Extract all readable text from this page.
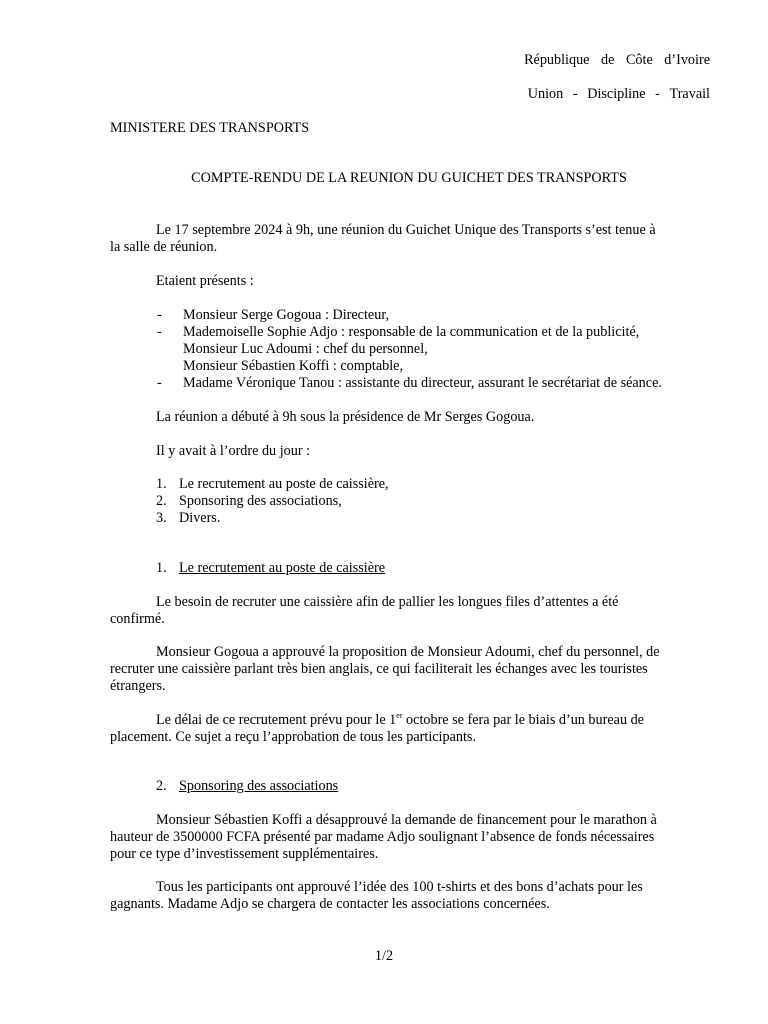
République de Côte d’Ivoire
Union - Discipline - Travail
MINISTERE DES TRANSPORTS
COMPTE-RENDU DE LA REUNION DU GUICHET DES TRANSPORTS
Le 17 septembre 2024 à 9h, une réunion du Guichet Unique des Transports s’est tenue à
la salle de réunion.
Etaient présents :
- Monsieur Serge Gogoua : Directeur,
- Mademoiselle Sophie Adjo : responsable de la communication et de la publicité,
Monsieur Luc Adoumi : chef du personnel,
Monsieur Sébastien Koffi : comptable,
- Madame Véronique Tanou : assistante du directeur, assurant le secrétariat de séance.
La réunion a débuté à 9h sous la présidence de Mr Serges Gogoua.
Il y avait à l’ordre du jour :
1. Le recrutement au poste de caissière,
2. Sponsoring des associations,
3. Divers.
1. Le recrutement au poste de caissière
Le besoin de recruter une caissière afin de pallier les longues files d’attentes a été
confirmé.
Monsieur Gogoua a approuvé la proposition de Monsieur Adoumi, chef du personnel, de
recruter une caissière parlant très bien anglais, ce qui faciliterait les échanges avec les touristes
étrangers.
Le délai de ce recrutement prévu pour le 1er octobre se fera par le biais d’un bureau de
placement. Ce sujet a reçu l’approbation de tous les participants.
2. Sponsoring des associations
Monsieur Sébastien Koffi a désapprouvé la demande de financement pour le marathon à
hauteur de 3500000 FCFA présenté par madame Adjo soulignant l’absence de fonds nécessaires
pour ce type d’investissement supplémentaires.
Tous les participants ont approuvé l’idée des 100 t-shirts et des bons d’achats pour les
gagnants. Madame Adjo se chargera de contacter les associations concernées.
1/2
